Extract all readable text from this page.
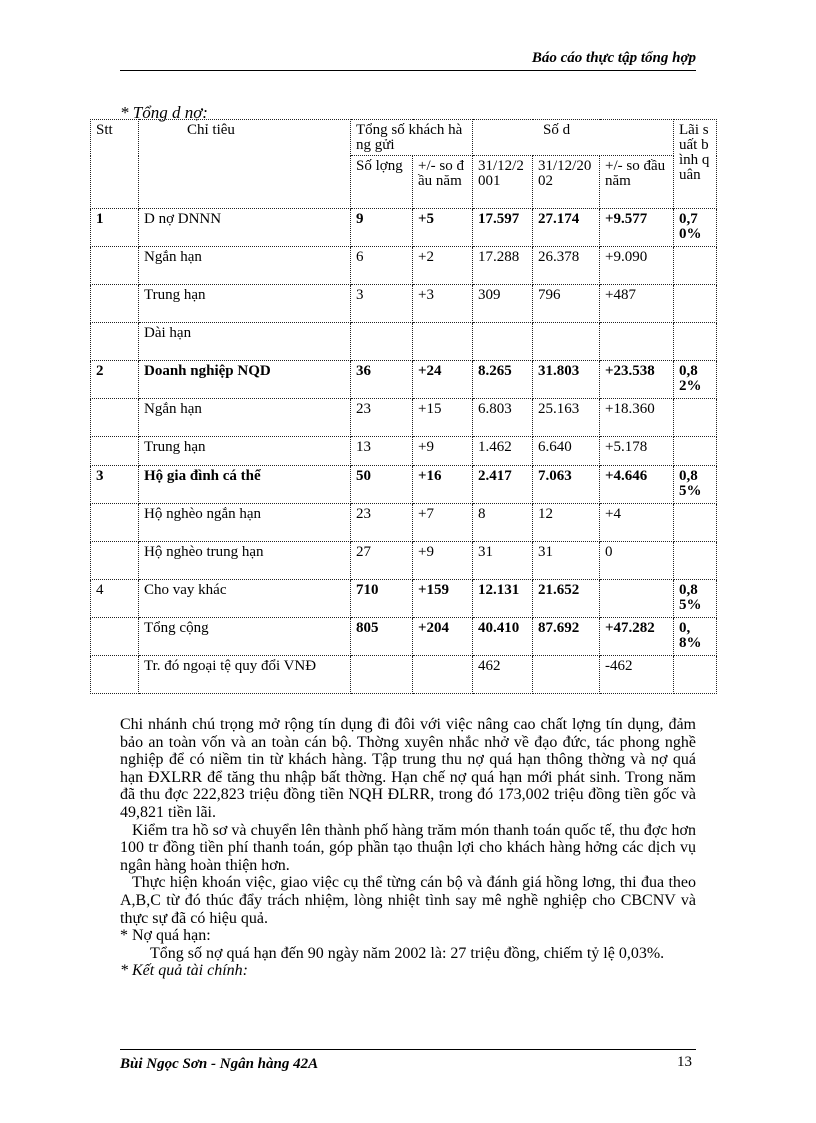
Báo cáo thực tập tổng hợp
* Tổng d nợ:
Stt	Chỉ tiêu	Tổng số khách hàng gửi		Số d			Lãi suất bình quân
		Số lợng	+/- so đầu năm	31/12/2001	31/12/2002	+/- so đầu năm	
1	D nợ DNNN	9	+5	17.597	27.174	+9.577	0,70%
	Ngắn hạn	6	+2	17.288	26.378	+9.090	
	Trung hạn	3	+3	309	796	+487	
	Dài hạn						
2	Doanh nghiệp NQD	36	+24	8.265	31.803	+23.538	0,82%
	Ngắn hạn	23	+15	6.803	25.163	+18.360	
	Trung hạn	13	+9	1.462	6.640	+5.178	
3	Hộ gia đình cá thể	50	+16	2.417	7.063	+4.646	0,85%
	Hộ nghèo ngắn hạn	23	+7	8	12	+4	
	Hộ nghèo trung hạn	27	+9	31	31	0	
4	Cho vay khác	710	+159	12.131	21.652		0,85%
	Tổng cộng	805	+204	40.410	87.692	+47.282	0,8%
	Tr. đó ngoại tệ quy đổi VNĐ			462		-462	

Chi nhánh chú trọng mở rộng tín dụng đi đôi với việc nâng cao chất lợng tín dụng, đảm bảo an toàn vốn và an toàn cán bộ. Thờng xuyên nhắc nhở về đạo đức, tác phong nghề nghiệp để có niềm tin từ khách hàng. Tập trung thu nợ quá hạn thông thờng và nợ quá hạn ĐXLRR để tăng thu nhập bất thờng. Hạn chế nợ quá hạn mới phát sinh. Trong năm đã thu đợc 222,823 triệu đồng tiền NQH ĐLRR, trong đó 173,002 triệu đồng tiền gốc và 49,821 tiền lãi.

Kiểm tra hồ sơ và chuyển lên thành phố hàng trăm món thanh toán quốc tế, thu đợc hơn 100 tr đồng tiền phí thanh toán, góp phần tạo thuận lợi cho khách hàng hởng các dịch vụ ngân hàng hoàn thiện hơn.

Thực hiện khoán việc, giao việc cụ thể từng cán bộ và đánh giá hồng lơng, thi đua theo A,B,C từ đó thúc đẩy trách nhiệm, lòng nhiệt tình say mê nghề nghiệp cho CBCNV và thực sự đã có hiệu quả.

* Nợ quá hạn:

Tổng số nợ quá hạn đến 90 ngày năm 2002 là: 27 triệu đồng, chiếm tỷ lệ 0,03%.

* Kết quả tài chính:

Bùi Ngọc Sơn - Ngân hàng 42A	13
